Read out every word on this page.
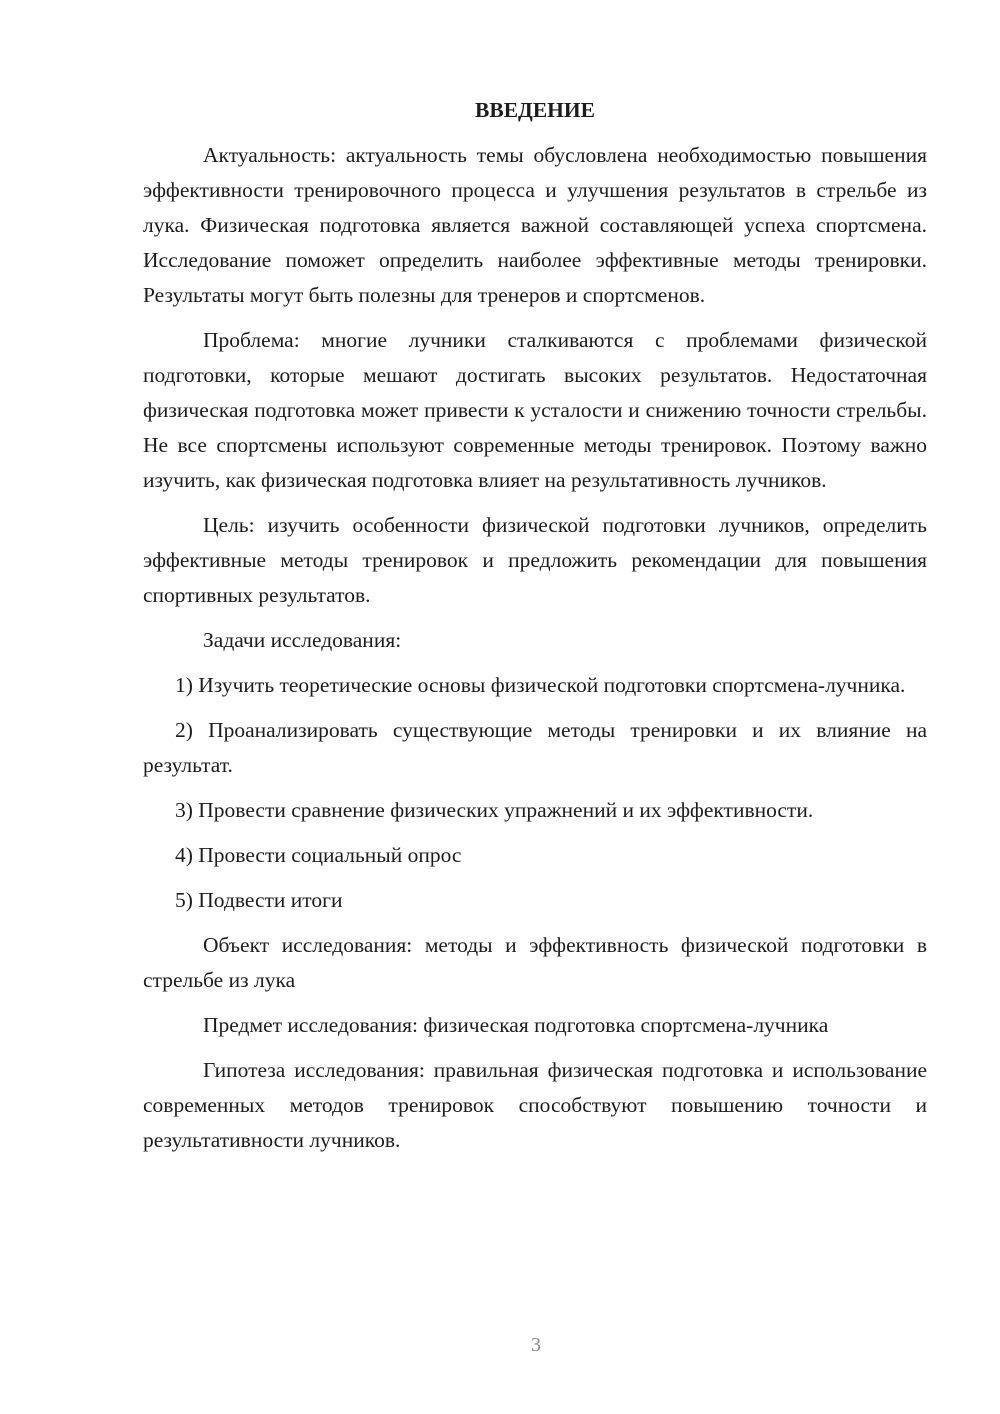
ВВЕДЕНИЕ

Актуальность: актуальность темы обусловлена необходимостью повышения эффективности тренировочного процесса и улучшения результатов в стрельбе из лука. Физическая подготовка является важной составляющей успеха спортсмена. Исследование поможет определить наиболее эффективные методы тренировки. Результаты могут быть полезны для тренеров и спортсменов.

Проблема: многие лучники сталкиваются с проблемами физической подготовки, которые мешают достигать высоких результатов. Недостаточная физическая подготовка может привести к усталости и снижению точности стрельбы. Не все спортсмены используют современные методы тренировок. Поэтому важно изучить, как физическая подготовка влияет на результативность лучников.

Цель: изучить особенности физической подготовки лучников, определить эффективные методы тренировок и предложить рекомендации для повышения спортивных результатов.

Задачи исследования:

1) Изучить теоретические основы физической подготовки спортсмена-лучника.

2) Проанализировать существующие методы тренировки и их влияние на результат.

3) Провести сравнение физических упражнений и их эффективности.

4) Провести социальный опрос

5) Подвести итоги

Объект исследования: методы и эффективность физической подготовки в стрельбе из лука

Предмет исследования: физическая подготовка спортсмена-лучника

Гипотеза исследования: правильная физическая подготовка и использование современных методов тренировок способствуют повышению точности и результативности лучников.

3
